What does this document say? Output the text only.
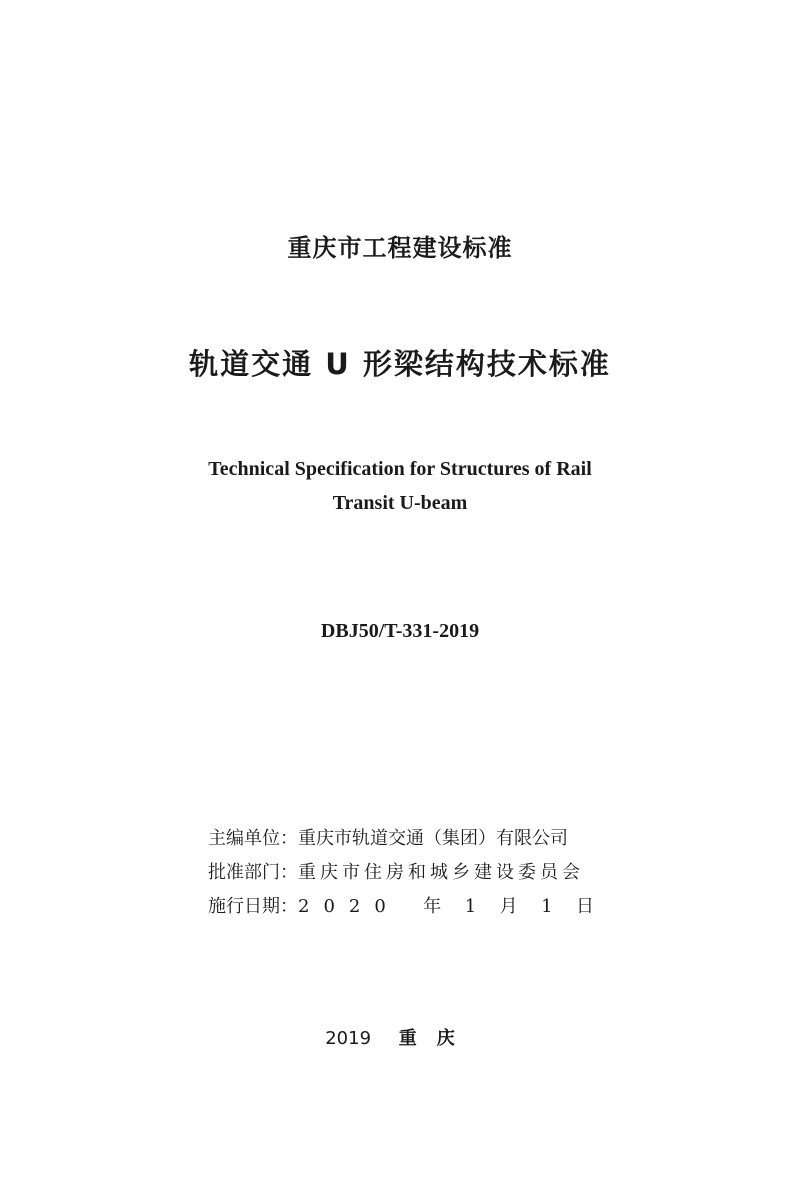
重庆市工程建设标准
轨道交通 U 形梁结构技术标准
Technical Specification for Structures of Rail
Transit U-beam
DBJ50/T-331-2019
主编单位： 重庆市轨道交通（集团）有限公司
批准部门： 重庆市住房和城乡建设委员会
施行日期： 2020 年 1 月 1 日
2019 重庆
